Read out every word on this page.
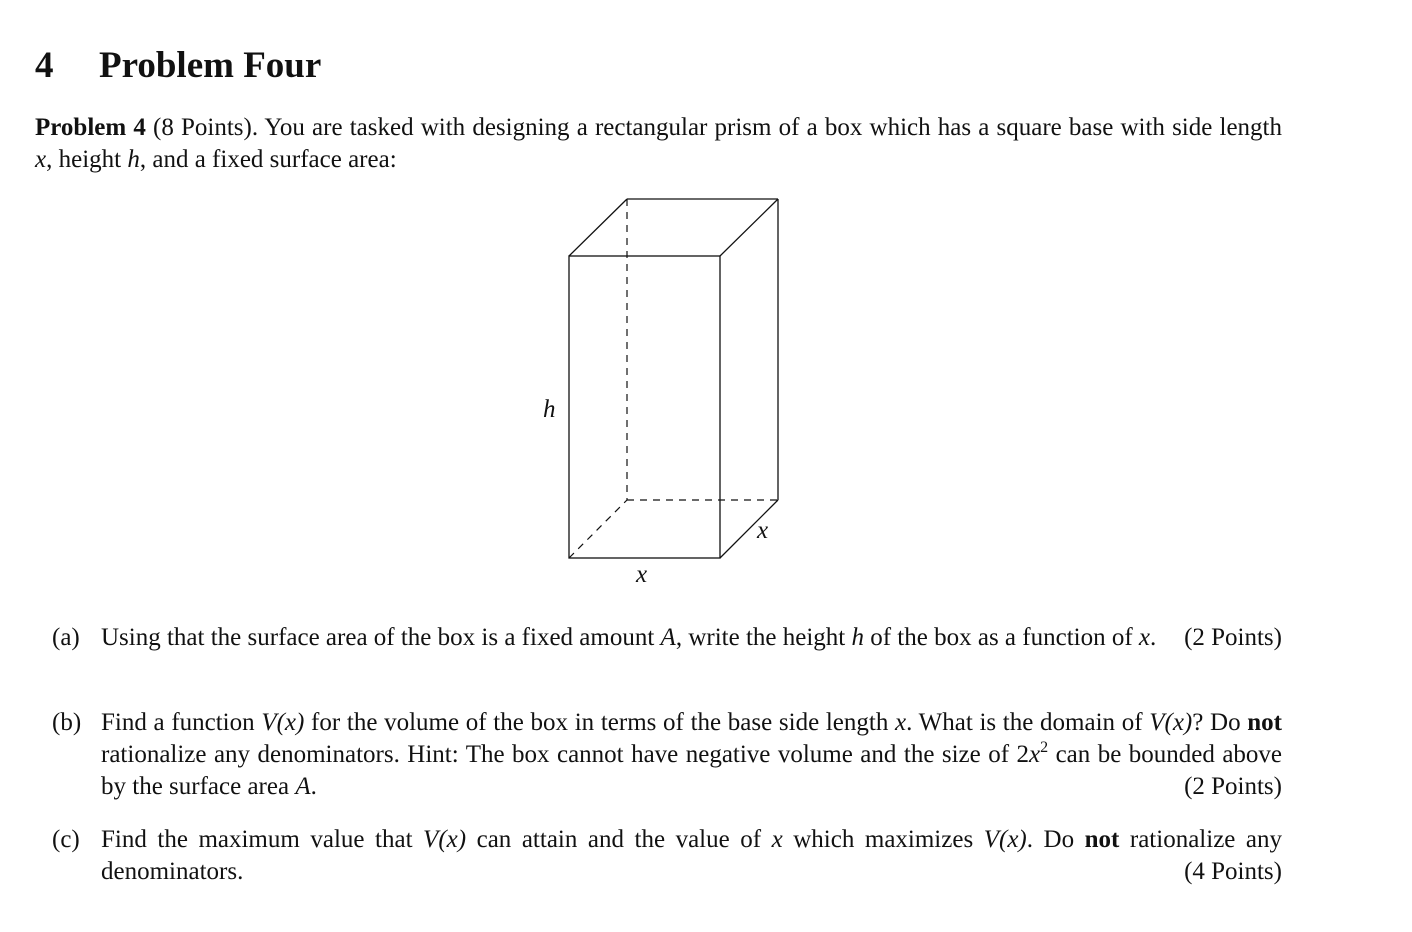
4 Problem Four
Problem 4 (8 Points). You are tasked with designing a rectangular prism of a box which has a square base with side length x, height h, and a fixed surface area:
h
x
x
(a) Using that the surface area of the box is a fixed amount A, write the height h of the box as a function of x. (2 Points)
(b) Find a function V(x) for the volume of the box in terms of the base side length x. What is the domain of V(x)? Do not rationalize any denominators. Hint: The box cannot have negative volume and the size of $2x^2$ can be bounded above by the surface area A.	(2 Points)
(c) Find the maximum value that V(x) can attain and the value of x which maximizes V(x). Do not rationalize any denominators.	(4 Points)
